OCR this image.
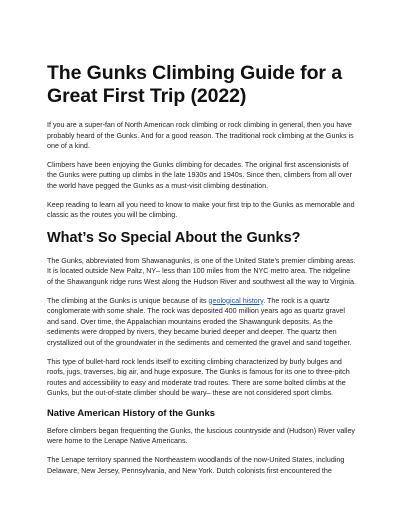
The Gunks Climbing Guide for a Great First Trip (2022)

If you are a super-fan of North American rock climbing or rock climbing in general, then you have probably heard of the Gunks. And for a good reason. The traditional rock climbing at the Gunks is one of a kind.

Climbers have been enjoying the Gunks climbing for decades. The original first ascensionists of the Gunks were putting up climbs in the late 1930s and 1940s. Since then, climbers from all over the world have pegged the Gunks as a must-visit climbing destination.

Keep reading to learn all you need to know to make your first trip to the Gunks as memorable and classic as the routes you will be climbing.

What’s So Special About the Gunks?

The Gunks, abbreviated from Shawanagunks, is one of the United State's premier climbing areas. It is located outside New Paltz, NY– less than 100 miles from the NYC metro area. The ridgeline of the Shawangunk ridge runs West along the Hudson River and southwest all the way to Virginia.

The climbing at the Gunks is unique because of its geological history. The rock is a quartz conglomerate with some shale. The rock was deposited 400 million years ago as quartz gravel and sand. Over time, the Appalachian mountains eroded the Shawangunk deposits. As the sediments were dropped by rivers, they became buried deeper and deeper. The quartz then crystallized out of the groundwater in the sediments and cemented the gravel and sand together.

This type of bullet-hard rock lends itself to exciting climbing characterized by burly bulges and roofs, jugs, traverses, big air, and huge exposure. The Gunks is famous for its one to three-pitch routes and accessibility to easy and moderate trad routes. There are some bolted climbs at the Gunks, but the out-of-state climber should be wary– these are not considered sport climbs.

Native American History of the Gunks

Before climbers began frequenting the Gunks, the luscious countryside and (Hudson) River valley were home to the Lenape Native Americans.

The Lenape territory spanned the Northeastern woodlands of the now-United States, including Delaware, New Jersey, Pennsylvania, and New York. Dutch colonists first encountered the
